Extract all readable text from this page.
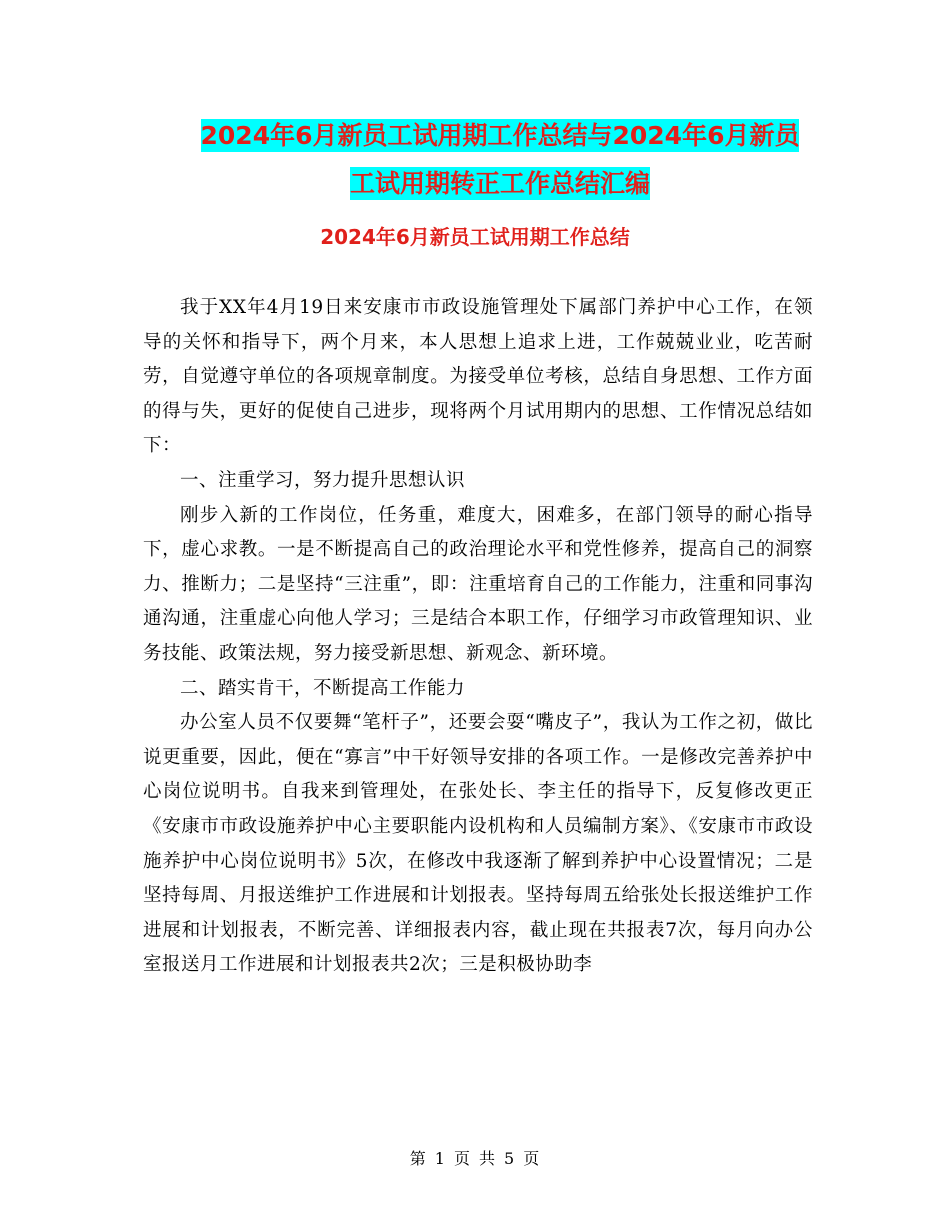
2024年6月新员工试用期工作总结与2024年6月新员
工试用期转正工作总结汇编
2024年6月新员工试用期工作总结

我于XX年4月19日来安康市市政设施管理处下属部门养护中心工作，在领导的关怀和指导下，两个月来，本人思想上追求上进，工作兢兢业业，吃苦耐劳，自觉遵守单位的各项规章制度。为接受单位考核，总结自身思想、工作方面的得与失，更好的促使自己进步，现将两个月试用期内的思想、工作情况总结如下：

一、注重学习，努力提升思想认识

刚步入新的工作岗位，任务重，难度大，困难多，在部门领导的耐心指导下，虚心求教。一是不断提高自己的政治理论水平和党性修养，提高自己的洞察力、推断力；二是坚持“三注重”，即：注重培育自己的工作能力，注重和同事沟通沟通，注重虚心向他人学习；三是结合本职工作，仔细学习市政管理知识、业务技能、政策法规，努力接受新思想、新观念、新环境。

二、踏实肯干，不断提高工作能力

办公室人员不仅要舞“笔杆子”，还要会耍“嘴皮子”，我认为工作之初，做比说更重要，因此，便在“寡言”中干好领导安排的各项工作。一是修改完善养护中心岗位说明书。自我来到管理处，在张处长、李主任的指导下，反复修改更正《安康市市政设施养护中心主要职能内设机构和人员编制方案》、《安康市市政设施养护中心岗位说明书》5次，在修改中我逐渐了解到养护中心设置情况；二是坚持每周、月报送维护工作进展和计划报表。坚持每周五给张处长报送维护工作进展和计划报表，不断完善、详细报表内容，截止现在共报表7次，每月向办公室报送月工作进展和计划报表共2次；三是积极协助李

第 1 页 共 5 页
